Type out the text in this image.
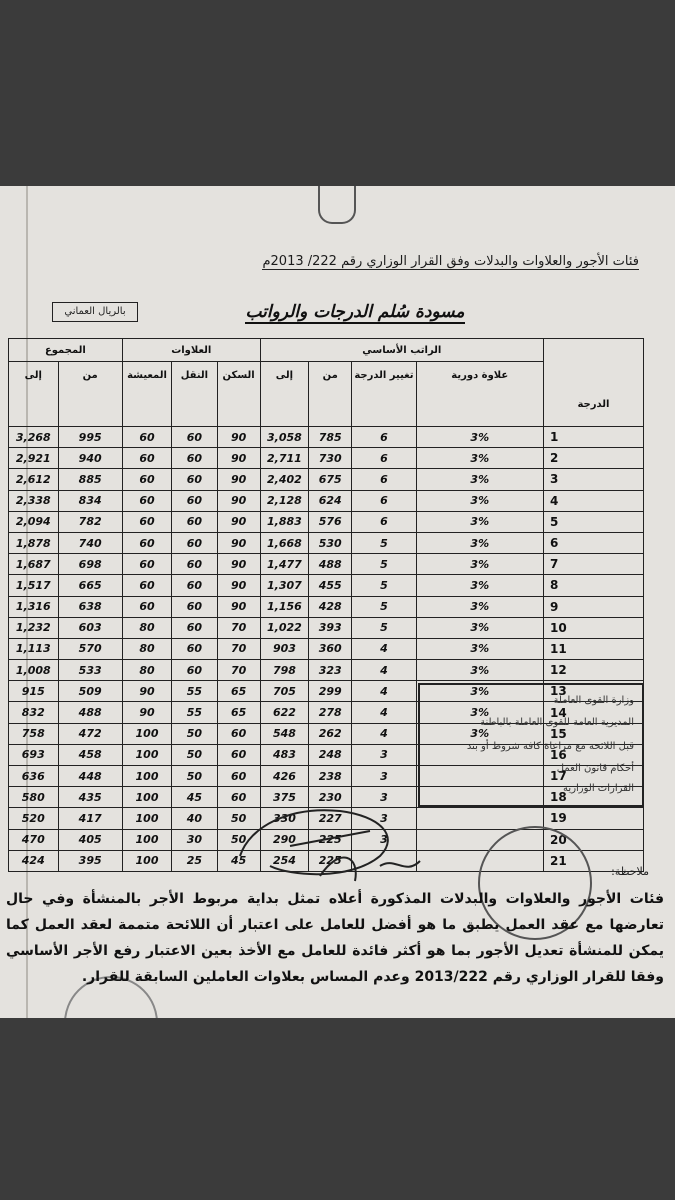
فئات الأجور والعلاوات والبدلات وفق القرار الوزاري رقم 222/ 2013م
بالريال العماني	مسودة سُلم الدرجات والرواتب
الدرجة	الراتب الأساسي				العلاوات			المجموع	
	علاوة دورية	تغيير الدرجة	من	إلى	السكن	النقل	المعيشة	من	إلى
1	3%	6	785	3,058	90	60	60	995	3,268
2	3%	6	730	2,711	90	60	60	940	2,921
3	3%	6	675	2,402	90	60	60	885	2,612
4	3%	6	624	2,128	90	60	60	834	2,338
5	3%	6	576	1,883	90	60	60	782	2,094
6	3%	5	530	1,668	90	60	60	740	1,878
7	3%	5	488	1,477	90	60	60	698	1,687
8	3%	5	455	1,307	90	60	60	665	1,517
9	3%	5	428	1,156	90	60	60	638	1,316
10	3%	5	393	1,022	70	60	80	603	1,232
11	3%	4	360	903	70	60	80	570	1,113
12	3%	4	323	798	70	60	80	533	1,008
13	3%	4	299	705	65	55	90	509	915
14	3%	4	278	622	65	55	90	488	832
15	3%	4	262	548	60	50	100	472	758
16		3	248	483	60	50	100	458	693
17		3	238	426	60	50	100	448	636
18		3	230	375	60	45	100	435	580
19		3	227	330	50	40	100	417	520
20		3	225	290	50	30	100	405	470
21			225	254	45	25	100	395	424
وزارة القوى العاملة
المديرية العامة للقوى العاملة بالباطنة
قبل اللائحة مع مراعاة كافة شروط أو بند
أحكام قانون العمل
القرارات الوزارية
ملاحظة:
فئات الأجور والعلاوات والبدلات المذكورة أعلاه تمثل بداية مربوط الأجر بالمنشأة وفي حال تعارضها مع عقد العمل يطبق ما هو أفضل للعامل على اعتبار أن اللائحة متممة لعقد العمل كما يمكن للمنشأة تعديل الأجور بما هو أكثر فائدة للعامل مع الأخذ بعين الاعتبار رفع الأجر الأساسي وفقا للقرار الوزاري رقم 2013/222 وعدم المساس بعلاوات العاملين السابقة للقرار.
